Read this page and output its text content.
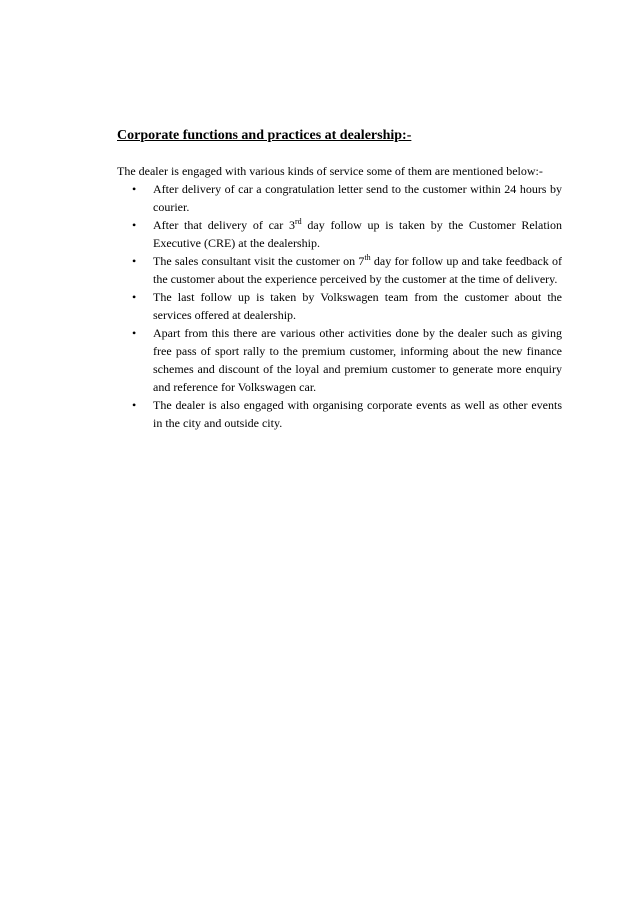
Corporate functions and practices at dealership:-

The dealer is engaged with various kinds of service some of them are mentioned below:-

• After delivery of car a congratulation letter send to the customer within 24 hours by courier.
• After that delivery of car 3rd day follow up is taken by the Customer Relation Executive (CRE) at the dealership.
• The sales consultant visit the customer on 7th day for follow up and take feedback of the customer about the experience perceived by the customer at the time of delivery.
• The last follow up is taken by Volkswagen team from the customer about the services offered at dealership.
• Apart from this there are various other activities done by the dealer such as giving free pass of sport rally to the premium customer, informing about the new finance schemes and discount of the loyal and premium customer to generate more enquiry and reference for Volkswagen car.
• The dealer is also engaged with organising corporate events as well as other events in the city and outside city.
